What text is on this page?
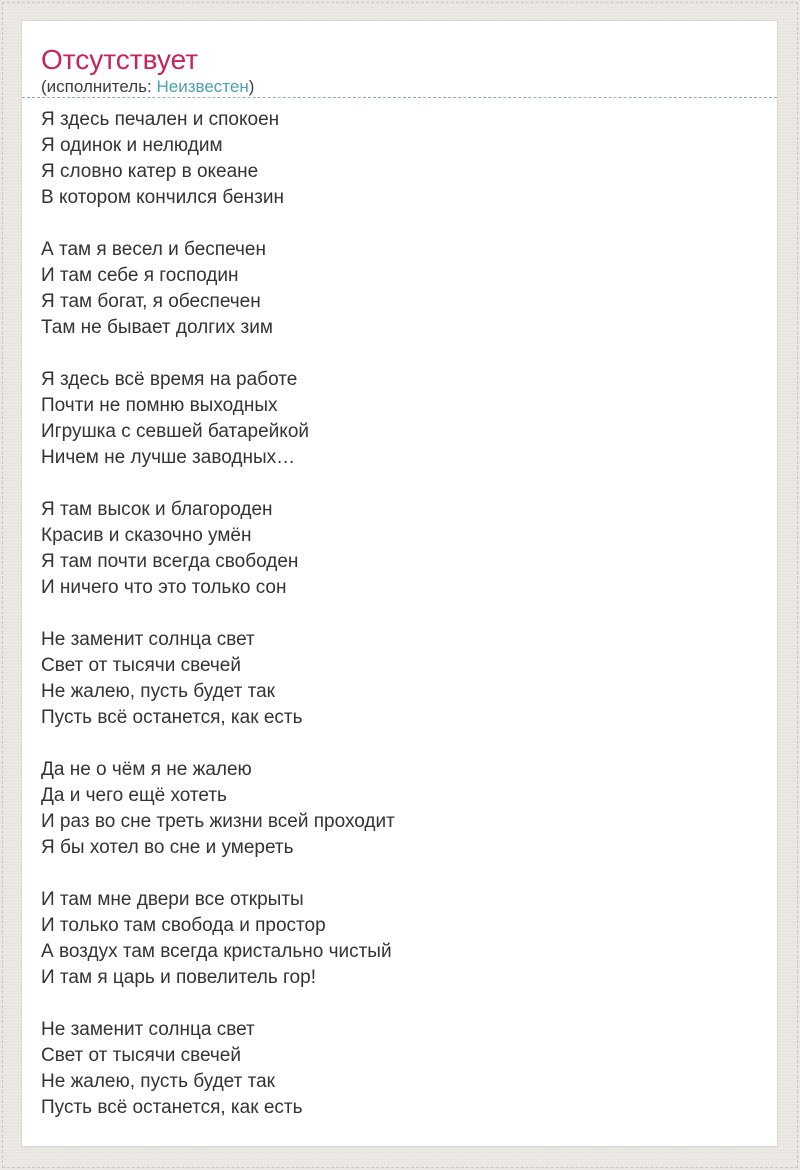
Отсутствует
(исполнитель: Неизвестен)

Я здесь печален и спокоен
Я одинок и нелюдим
Я словно катер в океане
В котором кончился бензин

А там я весел и беспечен
И там себе я господин
Я там богат, я обеспечен
Там не бывает долгих зим

Я здесь всё время на работе
Почти не помню выходных
Игрушка с севшей батарейкой
Ничем не лучше заводных…

Я там высок и благороден
Красив и сказочно умён
Я там почти всегда свободен
И ничего что это только сон

Не заменит солнца свет
Свет от тысячи свечей
Не жалею, пусть будет так
Пусть всё останется, как есть

Да не о чём я не жалею
Да и чего ещё хотеть
И раз во сне треть жизни всей проходит
Я бы хотел во сне и умереть

И там мне двери все открыты
И только там свобода и простор
А воздух там всегда кристально чистый
И там я царь и повелитель гор!

Не заменит солнца свет
Свет от тысячи свечей
Не жалею, пусть будет так
Пусть всё останется, как есть
